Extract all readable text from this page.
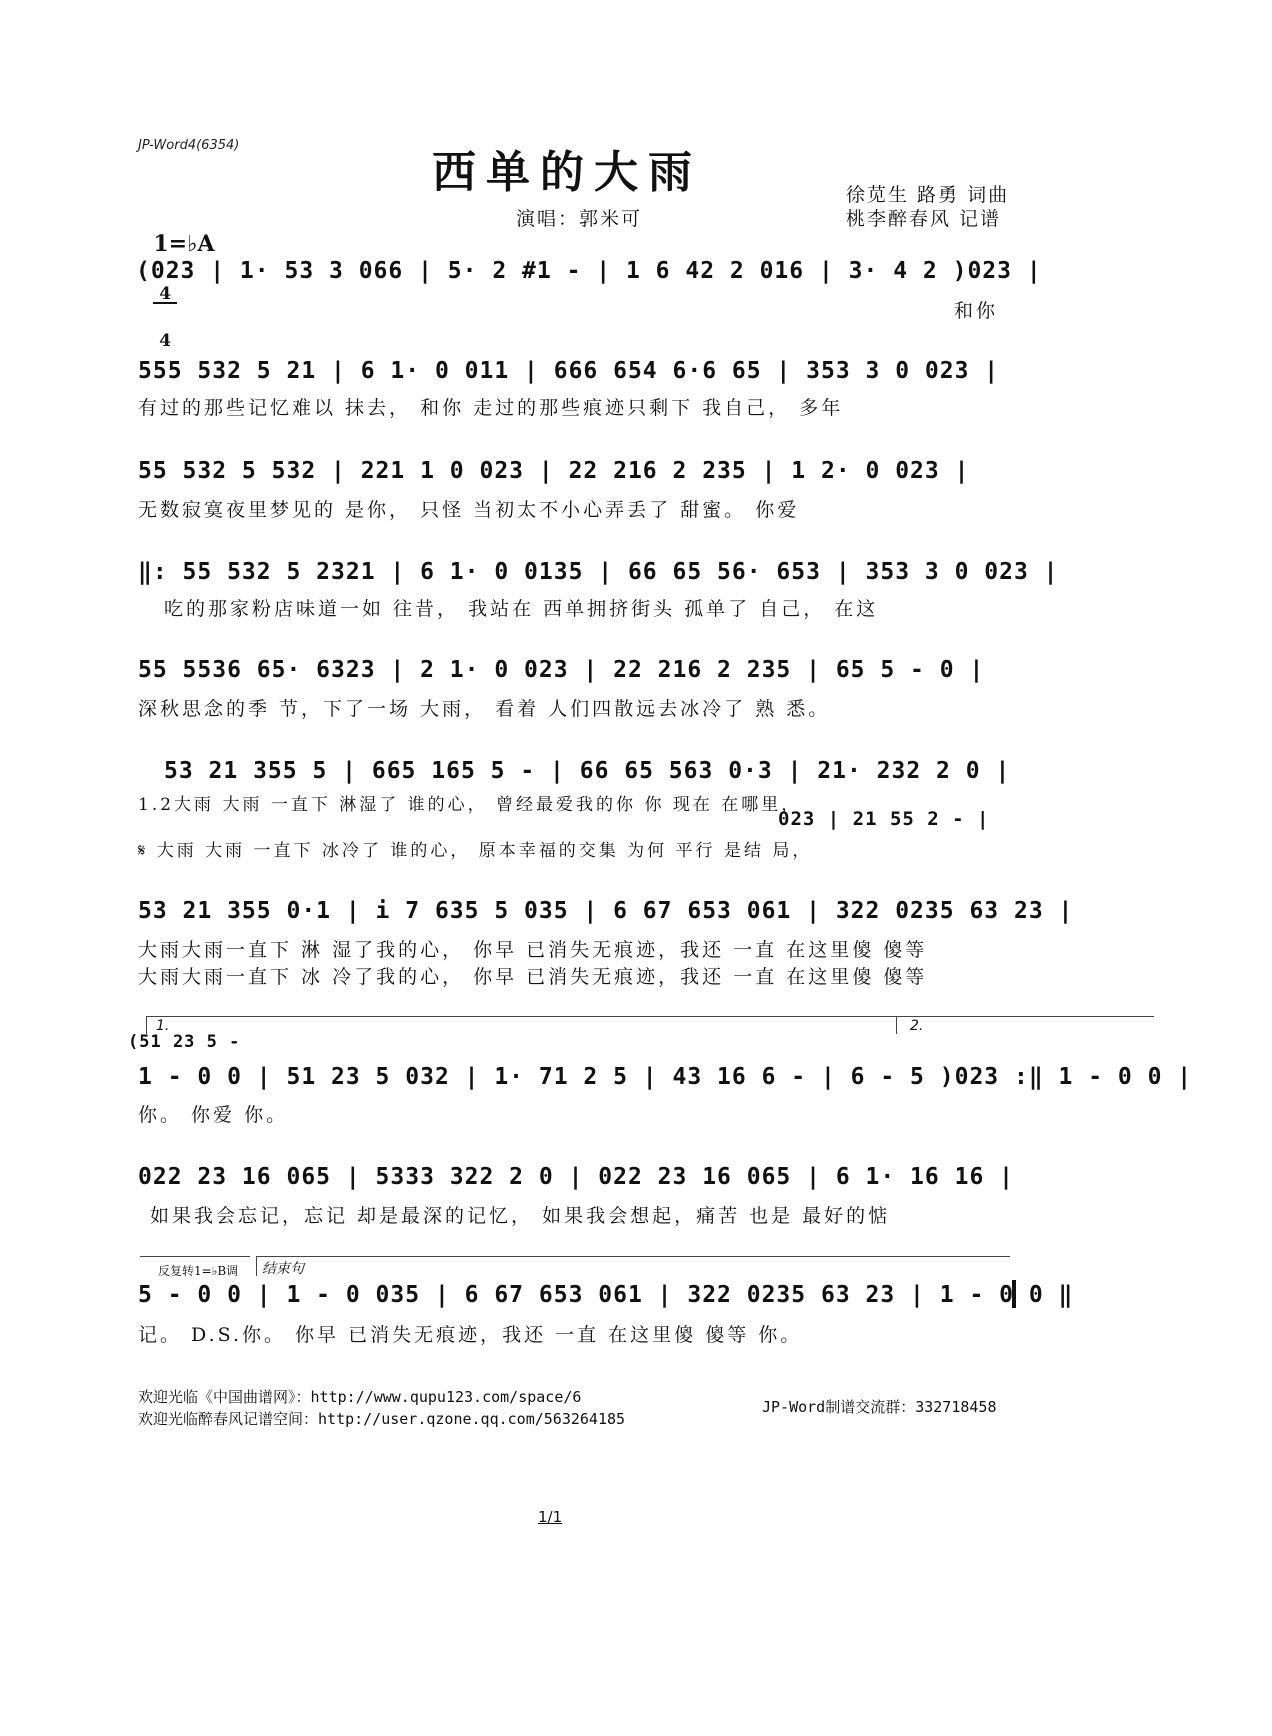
JP-Word4(6354)
西单的大雨

1=♭A

$\frac{4}{4}$

演唱：郭米可
徐苋生 路勇 词曲
桃李醉春风 记谱
(023 | 1· 53 3 066 | 5· 2 #1 - | 1 6 42 2 016 | 3· 4 2 )023 |
和你
555 532 5 21 | 6 1· 0 011 | 666 654 6·6 65 | 353 3 0 023 |
有过的那些记忆难以 抹去， 和你 走过的那些痕迹只剩下 我自己， 多年
55 532 5 532 | 221 1 0 023 | 22 216 2 235 | 1 2· 0 023 |
无数寂寞夜里梦见的 是你， 只怪 当初太不小心弄丢了 甜蜜。 你爱
‖: 55 532 5 2321 | 6 1· 0 0135 | 66 65 56· 653 | 353 3 0 023 |
吃的那家粉店味道一如 往昔， 我站在 西单拥挤街头 孤单了 自己， 在这
55 5536 65· 6323 | 2 1· 0 023 | 22 216 2 235 | 65 5 - 0 |
深秋思念的季 节，下了一场 大雨， 看着 人们四散远去冰冷了 熟 悉。
53 21 355 5 | 665 165 5 - | 66 65 563 0·3 | 21· 232 2 0 |
1.2大雨 大雨 一直下 淋湿了 谁的心， 曾经最爱我的你 你 现在 在哪里，
023 | 21 55 2 - |
𝄋 大雨 大雨 一直下 冰冷了 谁的心， 原本幸福的交集 为何 平行 是结 局，
53 21 355 0·1 | i 7 635 5 035 | 6 67 653 061 | 322 0235 63 23 |
大雨大雨一直下 淋 湿了我的心， 你早 已消失无痕迹，我还 一直 在这里傻 傻等
大雨大雨一直下 冰 冷了我的心， 你早 已消失无痕迹，我还 一直 在这里傻 傻等
1.	2.
(51 23 5 -
1 - 0 0 | 51 23 5 032 | 1· 71 2 5 | 43 16 6 - | 6 - 5 )023 :‖ 1 - 0 0 |
你。 你爱 你。
022 23 16 065 | 5333 322 2 0 | 022 23 16 065 | 6 1· 16 16 |
如果我会忘记，忘记 却是最深的记忆， 如果我会想起，痛苦 也是 最好的惦
反复转1=♭B调 结束句
5 - 0 0 | 1 - 0 035 | 6 67 653 061 | 322 0235 63 23 | 1 - 0 0 ‖
记。 D.S.你。 你早 已消失无痕迹，我还 一直 在这里傻 傻等 你。
欢迎光临《中国曲谱网》：http://www.qupu123.com/space/6
欢迎光临醉春风记谱空间：http://user.qzone.qq.com/563264185
JP-Word制谱交流群：332718458
1/1
